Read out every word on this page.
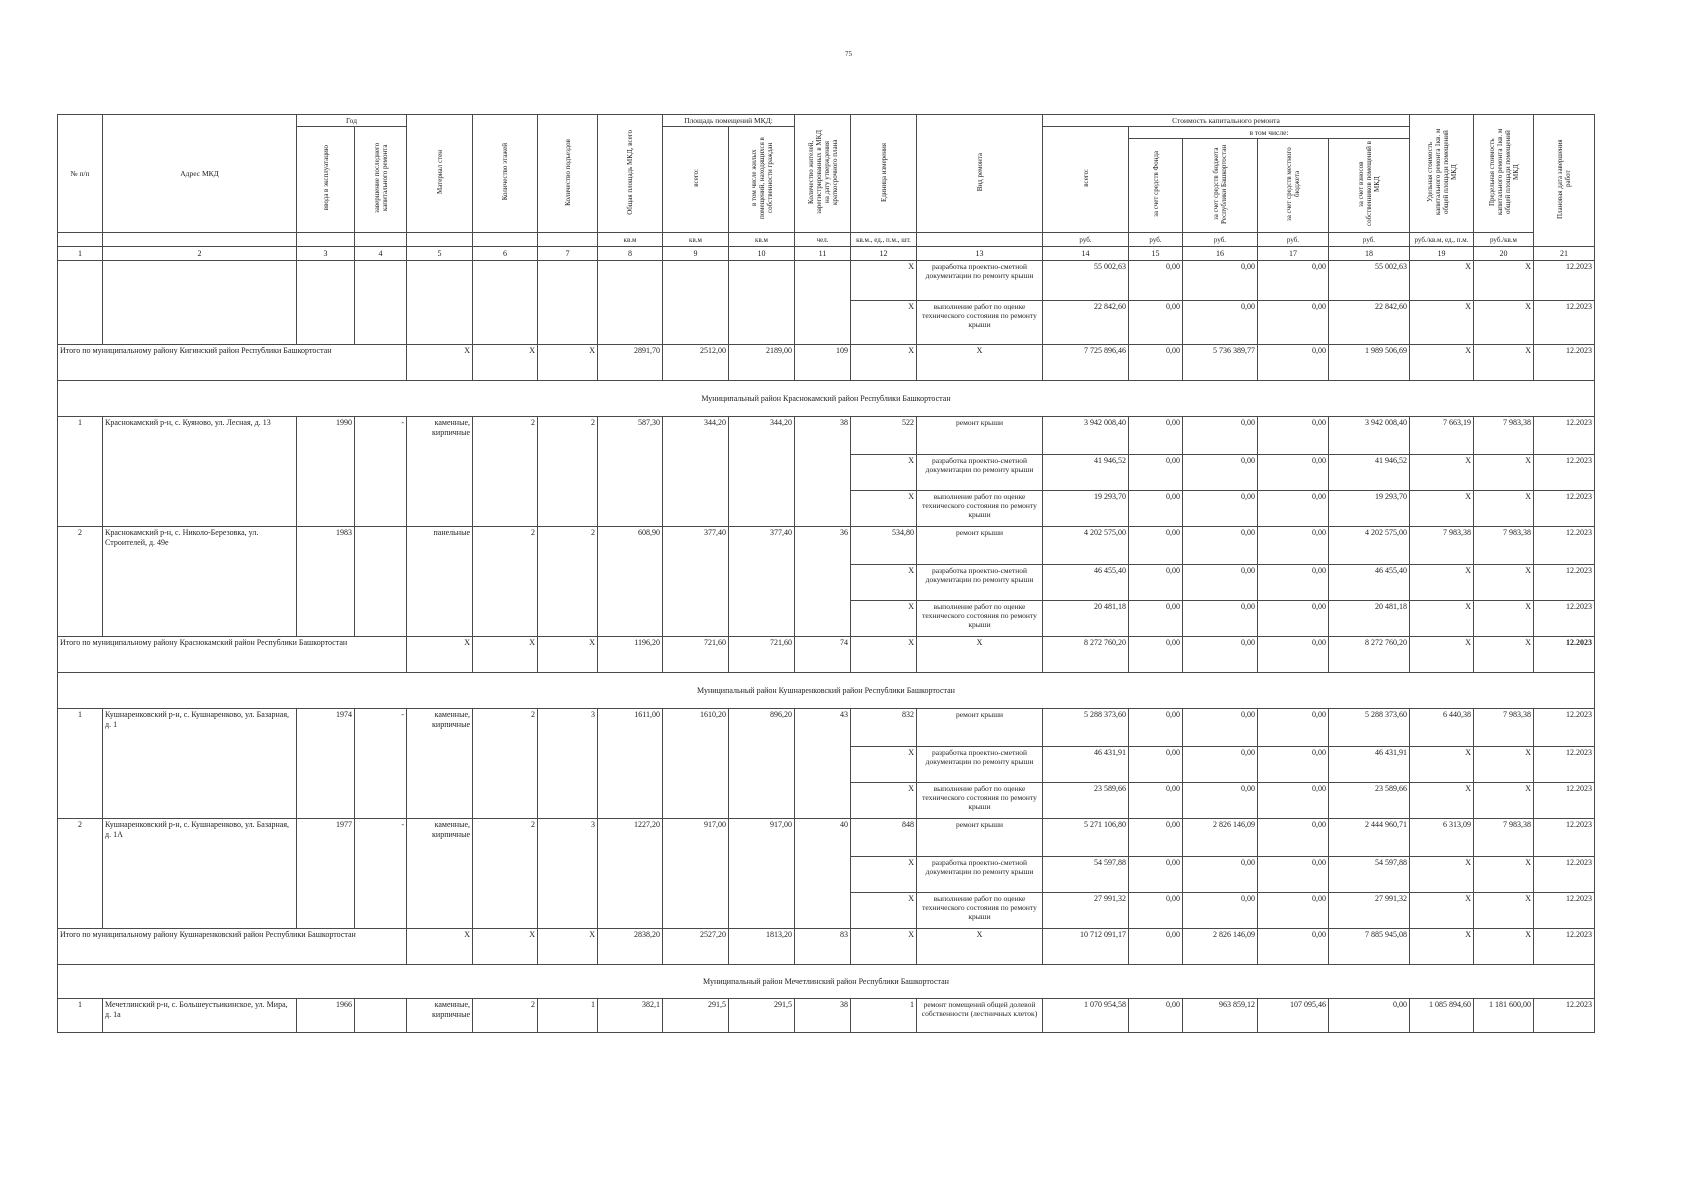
75
№ п/п	Адрес МКД	Год		Материал стен	Количество этажей	Количество подъездов	Общая площадь МКД, всего	Площадь помещений МКД:		Количество жителей, зарегистрированных в МКД на дату утверждения краткосрочного плана	Единица измерения	Вид ремонта	Стоимость капитального ремонта					Удельная стоимость капитального ремонта 1кв. м общей площади помещений МКД	Предельная стоимость капитального ремонта 1кв. м общей площади помещений МКД	Плановая дата завершения работ
		ввода в эксплуатацию	завершение последнего капитального ремонта					всего:	в том числе жилых помещений, находящихся в собственности граждан				всего:	в том числе:						
														за счет средств Фонда	за счет средств бюджета Республики Башкортостан	за счет средств местного бюджета	за счет взносов собственников помещений в МКД			
							кв.м	кв.м	кв.м	чел.	кв.м., ед., п.м., шт.		руб.	руб.	руб.	руб.	руб.	руб./кв.м, ед., п.м.	руб./кв.м	
1	2	3	4	5	6	7	8	9	10	11	12	13	14	15	16	17	18	19	20	21
											X	разработка проектно-сметной документации по ремонту крыши	55 002,63	0,00	0,00	0,00	55 002,63	X	X	12.2023
											X	выполнение работ по оценке технического состояния по ремонту крыши	22 842,60	0,00	0,00	0,00	22 842,60	X	X	12.2023
Итого по муниципальному району Кигинский район Республики Башкортостан				X	X	X	2891,70	2512,00	2189,00	109	X	X	7 725 896,46	0,00	5 736 389,77	0,00	1 989 506,69	X	X	12.2023
Муниципальный район Краснокамский район Республики Башкортостан																				
1	Краснокамский р-н, с. Куяново, ул. Лесная, д. 13	1990	-	каменные, кирпичные	2	2	587,30	344,20	344,20	38	522	ремонт крыши	3 942 008,40	0,00	0,00	0,00	3 942 008,40	7 663,19	7 983,38	12.2023
											X	разработка проектно-сметной документации по ремонту крыши	41 946,52	0,00	0,00	0,00	41 946,52	X	X	12.2023
											X	выполнение работ по оценке технического состояния по ремонту крыши	19 293,70	0,00	0,00	0,00	19 293,70	X	X	12.2023
2	Краснокамский р-н, с. Николо-Березовка, ул. Строителей, д. 49е	1983		панельные	2	2	608,90	377,40	377,40	36	534,80	ремонт крыши	4 202 575,00	0,00	0,00	0,00	4 202 575,00	7 983,38	7 983,38	12.2023
											X	разработка проектно-сметной документации по ремонту крыши	46 455,40	0,00	0,00	0,00	46 455,40	X	X	12.2023
											X	выполнение работ по оценке технического состояния по ремонту крыши	20 481,18	0,00	0,00	0,00	20 481,18	X	X	12.2023
Итого по муниципальному району Краснокамский район Республики Башкортостан				X	X	X	1196,20	721,60	721,60	74	X	X	8 272 760,20	0,00	0,00	0,00	8 272 760,20	X	X	12.2023
Муниципальный район Кушнаренковский район Республики Башкортостан																				
1	Кушнаренковский р-н, с. Кушнаренково, ул. Базарная, д. 1	1974	-	каменные, кирпичные	2	3	1611,00	1610,20	896,20	43	832	ремонт крыши	5 288 373,60	0,00	0,00	0,00	5 288 373,60	6 440,38	7 983,38	12.2023
											X	разработка проектно-сметной документации по ремонту крыши	46 431,91	0,00	0,00	0,00	46 431,91	X	X	12.2023
											X	выполнение работ по оценке технического состояния по ремонту крыши	23 589,66	0,00	0,00	0,00	23 589,66	X	X	12.2023
2	Кушнаренковский р-н, с. Кушнаренково, ул. Базарная, д. 1А	1977	-	каменные, кирпичные	2	3	1227,20	917,00	917,00	40	848	ремонт крыши	5 271 106,80	0,00	2 826 146,09	0,00	2 444 960,71	6 313,09	7 983,38	12.2023
											X	разработка проектно-сметной документации по ремонту крыши	54 597,88	0,00	0,00	0,00	54 597,88	X	X	12.2023
											X	выполнение работ по оценке технического состояния по ремонту крыши	27 991,32	0,00	0,00	0,00	27 991,32	X	X	12.2023
Итого по муниципальному району Кушнаренковский район Республики Башкортостан				X	X	X	2838,20	2527,20	1813,20	83	X	X	10 712 091,17	0,00	2 826 146,09	0,00	7 885 945,08	X	X	12.2023
Муниципальный район Мечетлинский район Республики Башкортостан																				
1	Мечетлинский р-н, с. Большеустьикинское, ул. Мира, д. 1а	1966		каменные, кирпичные	2	1	382,1	291,5	291,5	38	1	ремонт помещений общей долевой собственности (лестничных клеток)	1 070 954,58	0,00	963 859,12	107 095,46	0,00	1 085 894,60	1 181 600,00	12.2023
